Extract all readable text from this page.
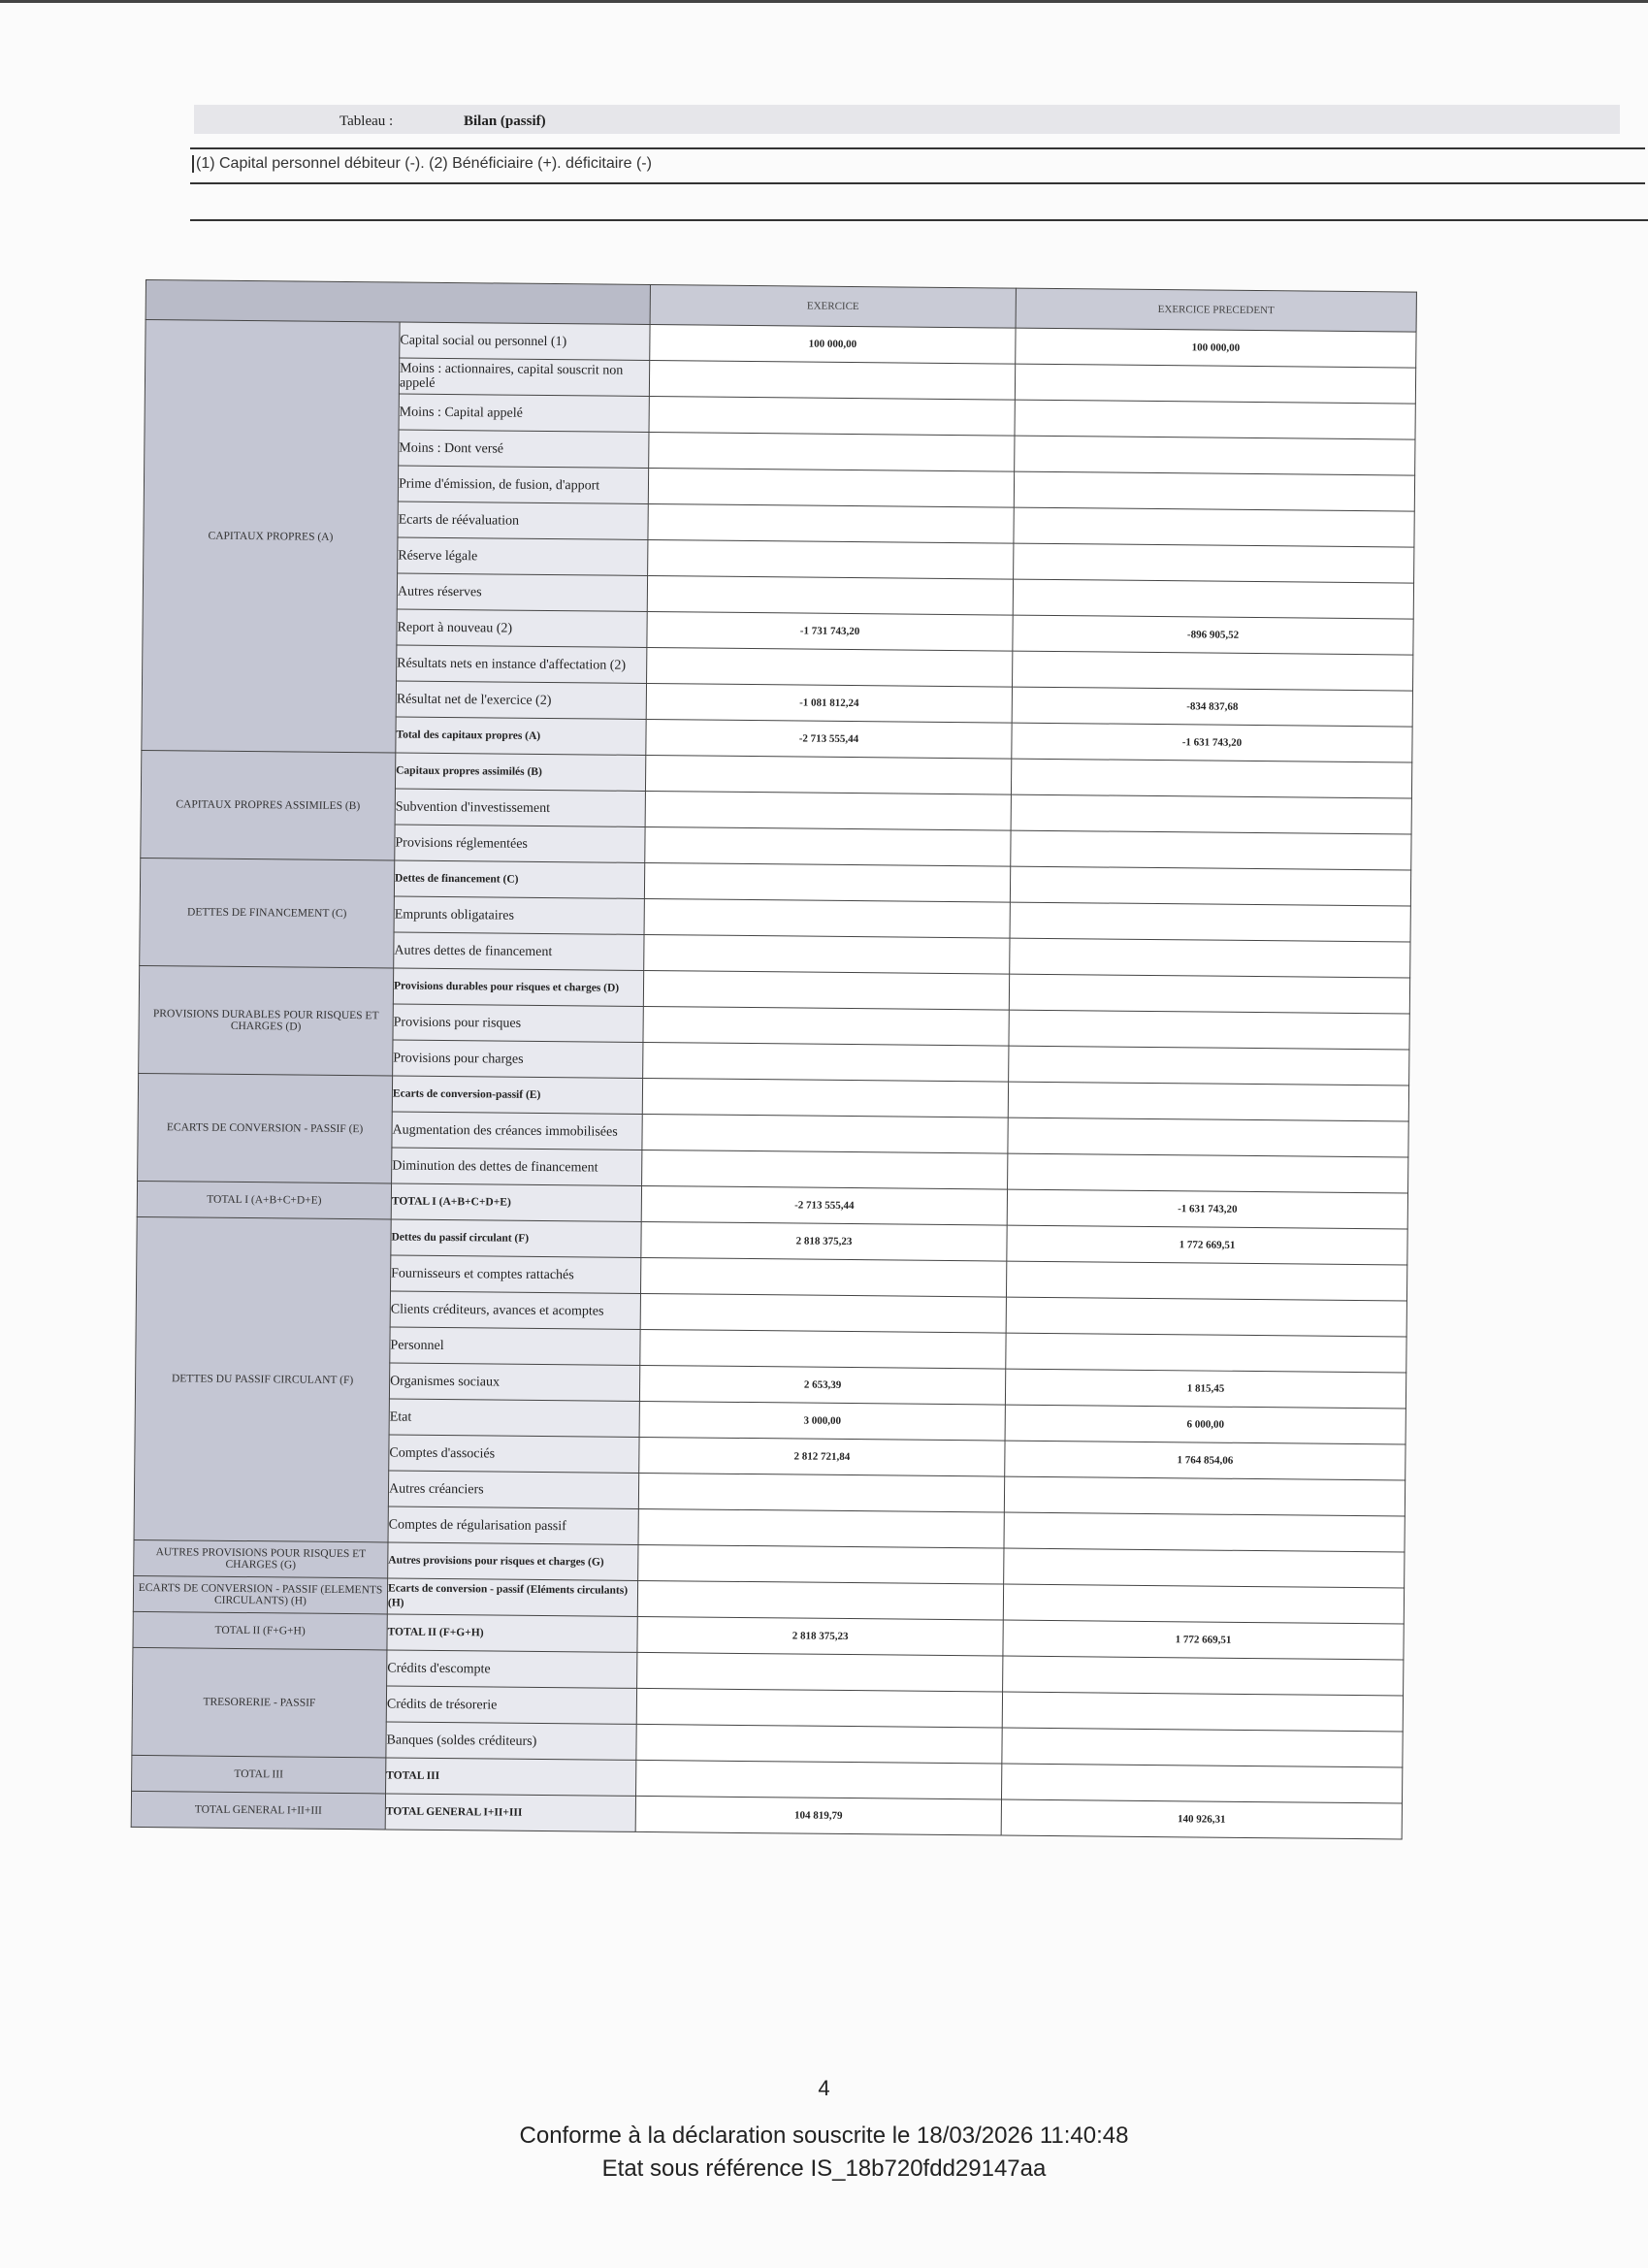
Tableau :	Bilan (passif)
(1) Capital personnel débiteur (-). (2) Bénéficiaire (+). déficitaire (-)
		EXERCICE	EXERCICE PRECEDENT
CAPITAUX PROPRES (A)	Capital social ou personnel (1)	100 000,00	100 000,00
	Moins : actionnaires, capital souscrit non appelé		
	Moins : Capital appelé		
	Moins : Dont versé		
	Prime d'émission, de fusion, d'apport		
	Ecarts de réévaluation		
	Réserve légale		
	Autres réserves		
	Report à nouveau (2)	-1 731 743,20	-896 905,52
	Résultats nets en instance d'affectation (2)		
	Résultat net de l'exercice (2)	-1 081 812,24	-834 837,68
	Total des capitaux propres (A)	-2 713 555,44	-1 631 743,20
CAPITAUX PROPRES ASSIMILES (B)	Capitaux propres assimilés (B)		
	Subvention d'investissement		
	Provisions réglementées		
DETTES DE FINANCEMENT (C)	Dettes de financement (C)		
	Emprunts obligataires		
	Autres dettes de financement		
PROVISIONS DURABLES POUR RISQUES ET CHARGES (D)	Provisions durables pour risques et charges (D)		
	Provisions pour risques		
	Provisions pour charges		
ECARTS DE CONVERSION - PASSIF (E)	Ecarts de conversion-passif (E)		
	Augmentation des créances immobilisées		
	Diminution des dettes de financement		
TOTAL I (A+B+C+D+E)	TOTAL I (A+B+C+D+E)	-2 713 555,44	-1 631 743,20
DETTES DU PASSIF CIRCULANT (F)	Dettes du passif circulant (F)	2 818 375,23	1 772 669,51
	Fournisseurs et comptes rattachés		
	Clients créditeurs, avances et acomptes		
	Personnel		
	Organismes sociaux	2 653,39	1 815,45
	Etat	3 000,00	6 000,00
	Comptes d'associés	2 812 721,84	1 764 854,06
	Autres créanciers		
	Comptes de régularisation passif		
AUTRES PROVISIONS POUR RISQUES ET CHARGES (G)	Autres provisions pour risques et charges (G)		
ECARTS DE CONVERSION - PASSIF (ELEMENTS CIRCULANTS) (H)	Ecarts de conversion - passif (Eléments circulants) (H)		
TOTAL II (F+G+H)	TOTAL II (F+G+H)	2 818 375,23	1 772 669,51
TRESORERIE - PASSIF	Crédits d'escompte		
	Crédits de trésorerie		
	Banques (soldes créditeurs)		
TOTAL III	TOTAL III		
TOTAL GENERAL I+II+III	TOTAL GENERAL I+II+III	104 819,79	140 926,31
4
Conforme à la déclaration souscrite le 18/03/2026 11:40:48
Etat sous référence IS_18b720fdd29147aa
